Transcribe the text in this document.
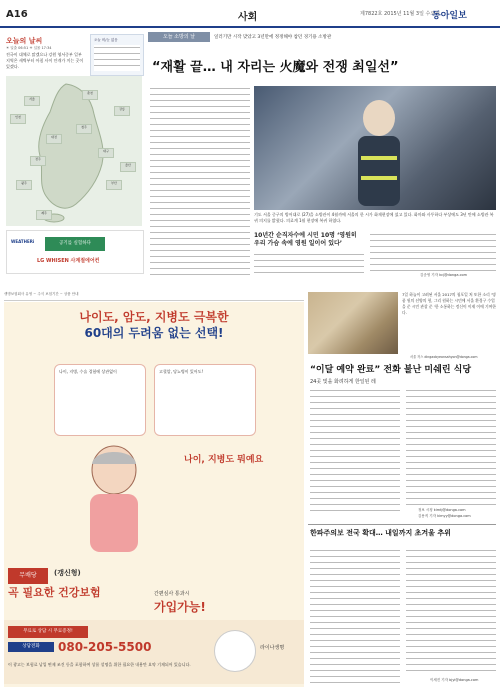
A16	사회	제7822호 2015년 11월 3일 수요일
동아일보
오늘의 날씨
☀ 일출 06:51 ☀ 일몰 17:34
전국이 대체로 맑겠으나 강원 영서중부 일부 지역은 새벽부터 아침 사이 안개가 끼는 곳이 있겠다.
오늘 비/눈 없음
서울
인천
춘천
강릉
대전
청주
전주
광주
대구
부산
울산
제주
공기를 실험하다
LG WHISEN 사계절에어컨
WEATHERi
오늘 소방의 날	일러기만 시작 맞았고 3년만에 정정해야 참던 경기용 소방관
“재활 끝… 내 자리는 火魔와 전쟁 최일선”
기도 서울 중구의 방어대로 (27)을 소방관이 4월까에 서울의 한 시가 화재현장에 섰고 있다. 화마와 사투하다 부상에도 3년 만에 소방관 복귀 의지를 밝혔다. 의료계 1월 현장에 복귀 하였다.
10년간 순직자수에 시민 10명 ‘영원히 우리 가슴 속에 영원 일이어 있다’
김준영 기자 kcj@donga.com
생명보험회사 유영 ~ 주식 보험기간 ~ 상품 안내
나이도, 암도, 지병도 극복한
60대의 두려움 없는 선택!
나이, 지병, 수술 경험에 상관없이	고혈압, 당뇨병이 있어도!
나이, 지병도 뭐예요
무배당
곡 필요한 건강보험
(갱신형)
간편심사 통과시
가입가능!
무료로 상담 시 무료증정!
상담전화	080-205-5500	라이나생명
이 광고는 보험료 납입 면제 조건 등을 포함하여 상품 설명을 위한 필요한 내용만 요약 기재되어 있습니다.
7일 하늘이 고려된 서울 2017의 청포일 처 또한 소리 ‘명품 원의 선양의 형, 그리 원하는 시민에 서울 환경구 수업을 준 시민 관찰 준 ‘한 소통하는 정신이 이제 이에 기여한다.
서울 자스 dingaxbyeonsahyon@donga.com
“이달 예약 완료” 전화 불난 미쉐린 식당
24곳 빛을 화려하게 한일된 레
정보 시청 kimtj@donga.com
김용직 기자 kimyy@donga.com
한파주의보 전국 확대… 내일까지 초겨울 추위
이세진 기자 bjyi@donga.com
